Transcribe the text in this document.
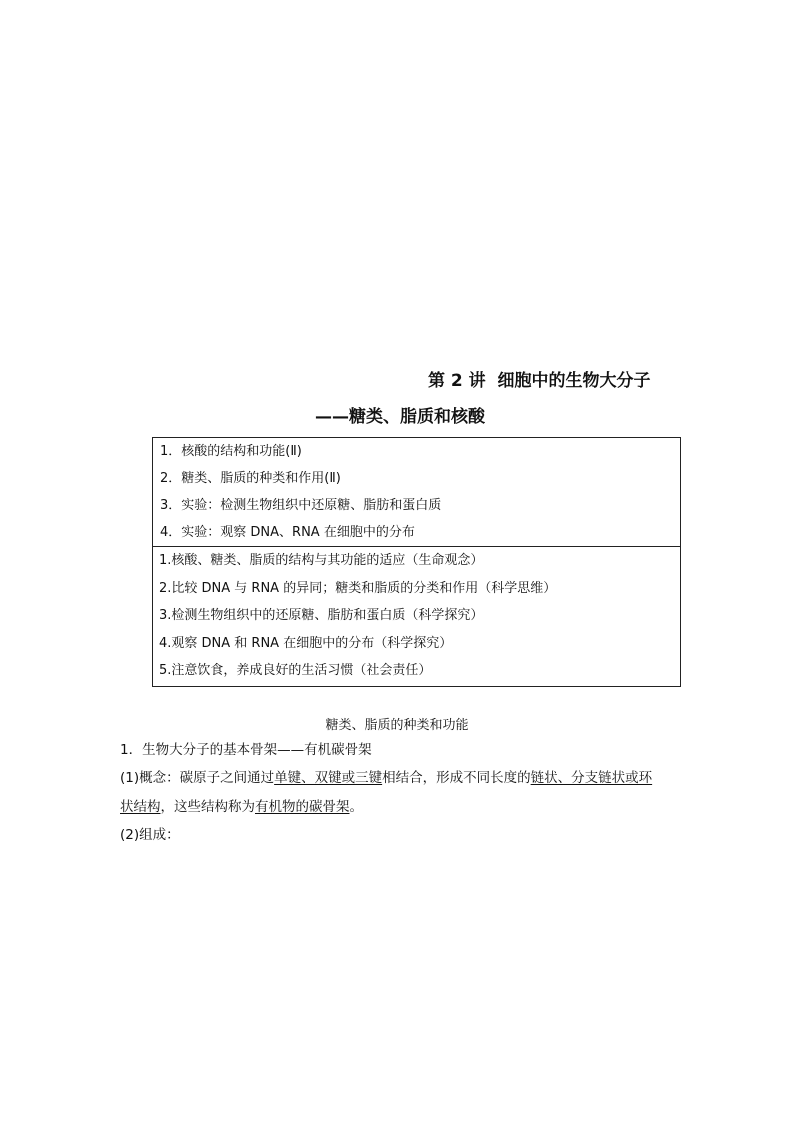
第 2 讲  细胞中的生物大分子
——糖类、脂质和核酸
1．核酸的结构和功能(Ⅱ)
2．糖类、脂质的种类和作用(Ⅱ)
3．实验：检测生物组织中还原糖、脂肪和蛋白质
4．实验：观察 DNA、RNA 在细胞中的分布
1.核酸、糖类、脂质的结构与其功能的适应（生命观念）
2.比较 DNA 与 RNA 的异同；糖类和脂质的分类和作用（科学思维）
3.检测生物组织中的还原糖、脂肪和蛋白质（科学探究）
4.观察 DNA 和 RNA 在细胞中的分布（科学探究）
5.注意饮食，养成良好的生活习惯（社会责任）
糖类、脂质的种类和功能
1．生物大分子的基本骨架——有机碳骨架
(1)概念：碳原子之间通过单键、双键或三键相结合，形成不同长度的链状、分支链状或环
状结构，这些结构称为有机物的碳骨架。
(2)组成：
